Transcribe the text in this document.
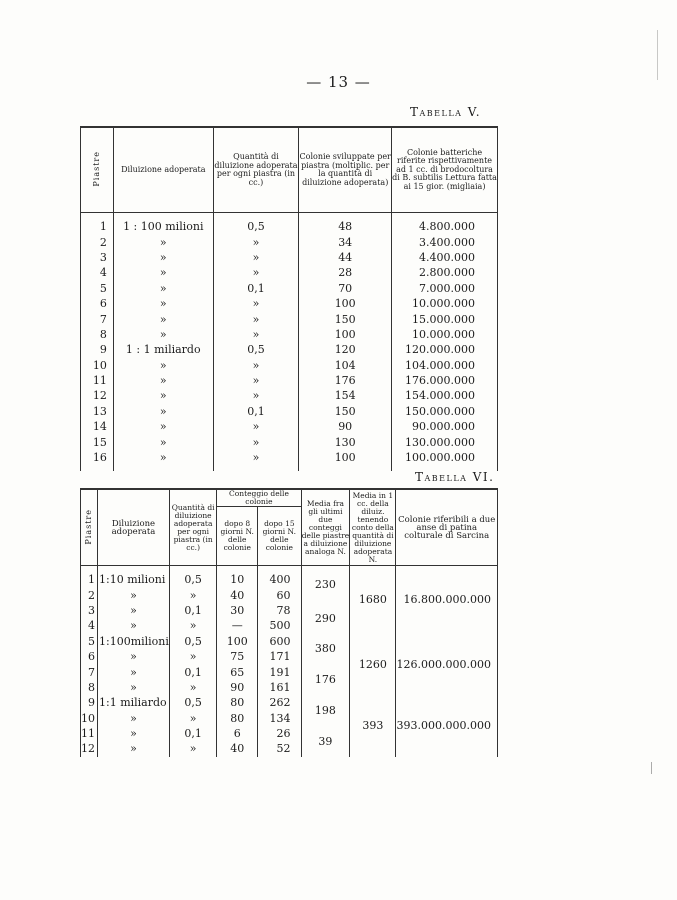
— 13 —
Tabella V.
Piastre	Diluizione adoperata	Quantità di diluizione adoperata per ogni piastra (in cc.)	Colonie sviluppate per piastra (moltiplic. per la quantità di diluizione adoperata)	Colonie batteriche riferite rispettivamente ad 1 cc. di brodocoltura di B. subtilis Lettura fatta ai 15 gior. (migliaia)
1	1 : 100 milioni	0,5	48	4.800.000
2	»	»	34	3.400.000
3	»	»	44	4.400.000
4	»	»	28	2.800.000
5	»	0,1	70	7.000.000
6	»	»	100	10.000.000
7	»	»	150	15.000.000
8	»	»	100	10.000.000
9	1 : 1 miliardo	0,5	120	120.000.000
10	»	»	104	104.000.000
11	»	»	176	176.000.000
12	»	»	154	154.000.000
13	»	0,1	150	150.000.000
14	»	»	90	90.000.000
15	»	»	130	130.000.000
16	»	»	100	100.000.000
Tabella VI.
Piastre	Diluizione adoperata	Quantità di diluizione adoperata per ogni piastra (in cc.)	Conteggio delle colonie		Media fra gli ultimi due conteggi delle piastre a diluizione analoga N.	Media in 1 cc. della diluiz. tenendo conto della quantità di diluizione adoperata N.	Colonie riferibili a due anse di patina colturale di Sarcina
			dopo 8 giorni N. delle colonie	dopo 15 giorni N. delle colonie			
1	1:10 milioni	0,5	10	400	230	1680	16.800.000.000
2	»	»	40	60			
3	»	0,1	30	78	290		
4	»	»	—	500			
5	1:100milioni	0,5	100	600	380	1260	126.000.000.000
6	»	»	75	171			
7	»	0,1	65	191	176		
8	»	»	90	161			
9	1:1 miliardo	0,5	80	262	198	393	393.000.000.000
10	»	»	80	134			
11	»	0,1	6	26	39		
12	»	»	40	52			
